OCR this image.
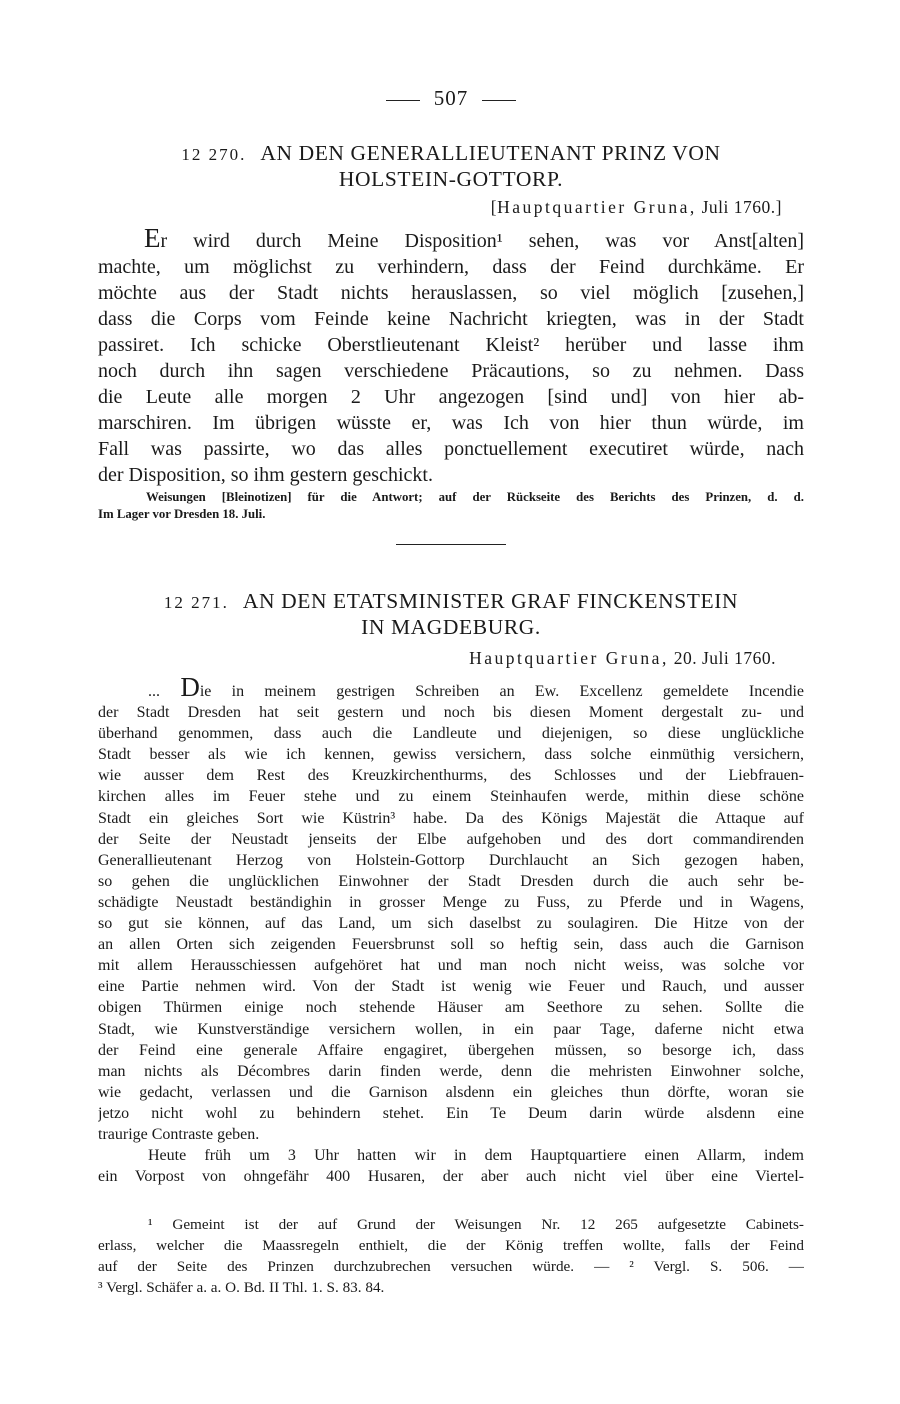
507
12 270. AN DEN GENERALLIEUTENANT PRINZ VON
HOLSTEIN-GOTTORP.
[Hauptquartier Gruna, Juli 1760.]
Er wird durch Meine Disposition¹ sehen, was vor Anst[alten]
machte, um möglichst zu verhindern, dass der Feind durchkäme. Er
möchte aus der Stadt nichts herauslassen, so viel möglich [zusehen,]
dass die Corps vom Feinde keine Nachricht kriegten, was in der Stadt
passiret. Ich schicke Oberstlieutenant Kleist² herüber und lasse ihm
noch durch ihn sagen verschiedene Präcautions, so zu nehmen. Dass
die Leute alle morgen 2 Uhr angezogen [sind und] von hier ab-
marschiren. Im übrigen wüsste er, was Ich von hier thun würde, im
Fall was passirte, wo das alles ponctuellement executiret würde, nach
der Disposition, so ihm gestern geschickt.
Weisungen [Bleinotizen] für die Antwort; auf der Rückseite des Berichts des Prinzen, d. d.
Im Lager vor Dresden 18. Juli.
12 271. AN DEN ETATSMINISTER GRAF FINCKENSTEIN
IN MAGDEBURG.
Hauptquartier Gruna, 20. Juli 1760.
... Die in meinem gestrigen Schreiben an Ew. Excellenz gemeldete Incendie
der Stadt Dresden hat seit gestern und noch bis diesen Moment dergestalt zu- und
überhand genommen, dass auch die Landleute und diejenigen, so diese unglückliche
Stadt besser als wie ich kennen, gewiss versichern, dass solche einmüthig versichern,
wie ausser dem Rest des Kreuzkirchenthurms, des Schlosses und der Liebfrauen-
kirchen alles im Feuer stehe und zu einem Steinhaufen werde, mithin diese schöne
Stadt ein gleiches Sort wie Küstrin³ habe. Da des Königs Majestät die Attaque auf
der Seite der Neustadt jenseits der Elbe aufgehoben und des dort commandirenden
Generallieutenant Herzog von Holstein-Gottorp Durchlaucht an Sich gezogen haben,
so gehen die unglücklichen Einwohner der Stadt Dresden durch die auch sehr be-
schädigte Neustadt beständighin in grosser Menge zu Fuss, zu Pferde und in Wagens,
so gut sie können, auf das Land, um sich daselbst zu soulagiren. Die Hitze von der
an allen Orten sich zeigenden Feuersbrunst soll so heftig sein, dass auch die Garnison
mit allem Herausschiessen aufgehöret hat und man noch nicht weiss, was solche vor
eine Partie nehmen wird. Von der Stadt ist wenig wie Feuer und Rauch, und ausser
obigen Thürmen einige noch stehende Häuser am Seethore zu sehen. Sollte die
Stadt, wie Kunstverständige versichern wollen, in ein paar Tage, daferne nicht etwa
der Feind eine generale Affaire engagiret, übergehen müssen, so besorge ich, dass
man nichts als Décombres darin finden werde, denn die mehristen Einwohner solche,
wie gedacht, verlassen und die Garnison alsdenn ein gleiches thun dörfte, woran sie
jetzo nicht wohl zu behindern stehet. Ein Te Deum darin würde alsdenn eine
traurige Contraste geben.
Heute früh um 3 Uhr hatten wir in dem Hauptquartiere einen Allarm, indem
ein Vorpost von ohngefähr 400 Husaren, der aber auch nicht viel über eine Viertel-
¹ Gemeint ist der auf Grund der Weisungen Nr. 12 265 aufgesetzte Cabinets-
erlass, welcher die Maassregeln enthielt, die der König treffen wollte, falls der Feind
auf der Seite des Prinzen durchzubrechen versuchen würde. — ² Vergl. S. 506. —
³ Vergl. Schäfer a. a. O. Bd. II Thl. 1. S. 83. 84.
